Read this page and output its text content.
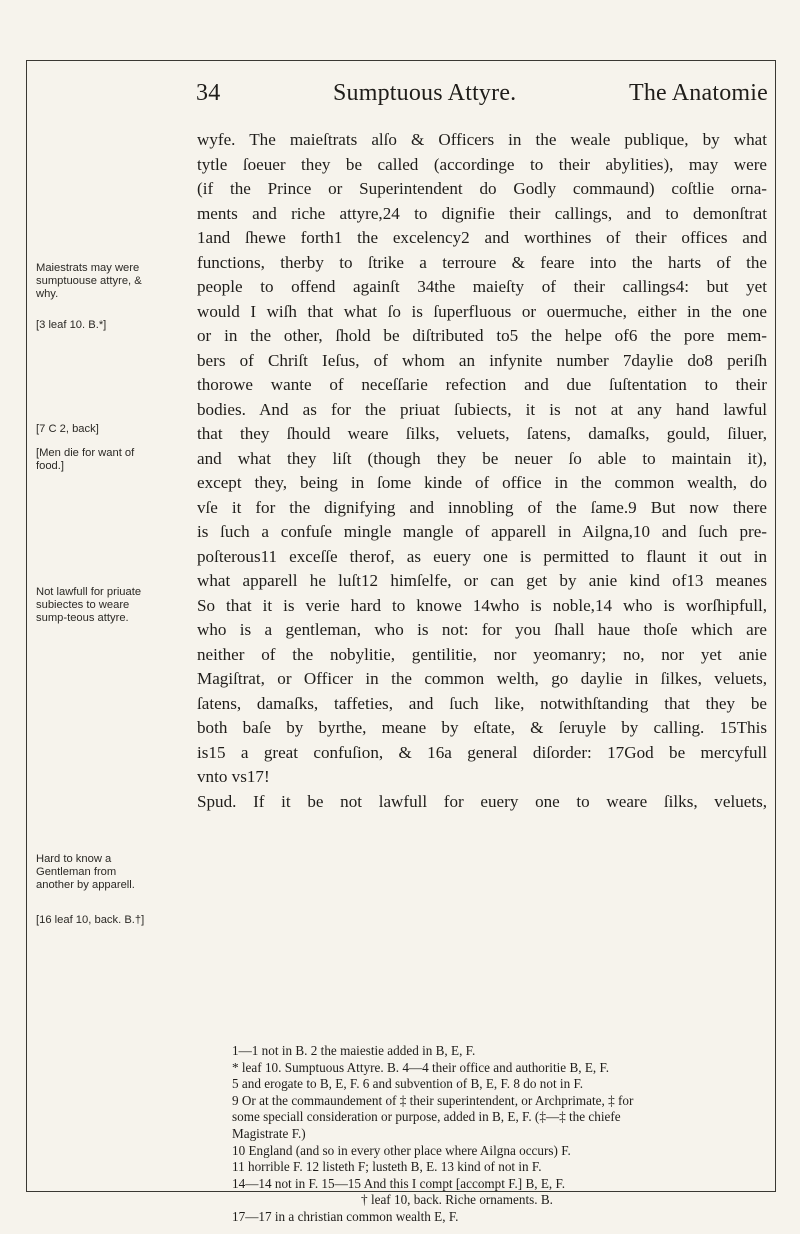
34	Sumptuous Attyre.	The Anatomie
Maiestrats may were sumptuouse attyre, & why.
[3 leaf 10. B.*]
[7 C 2, back]
[Men die for want of food.]
Not lawfull for priuate subiectes to weare sump-teous attyre.
Hard to know a Gentleman from another by apparell.
[16 leaf 10, back. B.†]
wyfe. The maieſtrats alſo & Officers in the weale publique, by what
tytle ſoeuer they be called (accordinge to their abylities), may were
(if the Prince or Superintendent do Godly commaund) coſtlie orna-
ments and riche attyre,24 to dignifie their callings, and to demonſtrat
1and ſhewe forth1 the excelency2 and worthines of their offices and
functions, therby to ſtrike a terroure & feare into the harts of the
people to offend againſt 34the maieſty of their callings4: but yet
would I wiſh that what ſo is ſuperfluous or ouermuche, either in the one
or in the other, ſhold be diſtributed to5 the helpe of6 the pore mem-
bers of Chriſt Ieſus, of whom an infynite number 7daylie do8 periſh
thorowe wante of neceſſarie refection and due ſuſtentation to their
bodies. And as for the priuat ſubiects, it is not at any hand lawful
that they ſhould weare ſilks, veluets, ſatens, damaſks, gould, ſiluer,
and what they liſt (though they be neuer ſo able to maintain it),
except they, being in ſome kinde of office in the common wealth, do
vſe it for the dignifying and innobling of the ſame.9 But now there
is ſuch a confuſe mingle mangle of apparell in Ailgna,10 and ſuch pre-
poſterous11 exceſſe therof, as euery one is permitted to flaunt it out in
what apparell he luſt12 himſelfe, or can get by anie kind of13 meanes
So that it is verie hard to knowe 14who is noble,14 who is worſhipfull,
who is a gentleman, who is not: for you ſhall haue thoſe which are
neither of the nobylitie, gentilitie, nor yeomanry; no, nor yet anie
Magiſtrat, or Officer in the common welth, go daylie in ſilkes, veluets,
ſatens, damaſks, taffeties, and ſuch like, notwithſtanding that they be
both baſe by byrthe, meane by eſtate, & ſeruyle by calling. 15This
is15 a great confuſion, & 16a general diſorder: 17God be mercyfull
vnto vs17!
Spud. If it be not lawfull for euery one to weare ſilks, veluets,
1—1 not in B. 2 the maiestie added in B, E, F.
* leaf 10. Sumptuous Attyre. B. 4—4 their office and authoritie B, E, F.
5 and erogate to B, E, F. 6 and subvention of B, E, F. 8 do not in F.
9 Or at the commaundement of ‡ their superintendent, or Archprimate, ‡ for
some speciall consideration or purpose, added in B, E, F. (‡—‡ the chiefe
Magistrate F.)
10 England (and so in every other place where Ailgna occurs) F.
11 horrible F. 12 listeth F; lusteth B, E. 13 kind of not in F.
14—14 not in F. 15—15 And this I compt [accompt F.] B, E, F.
† leaf 10, back. Riche ornaments. B.
17—17 in a christian common wealth E, F.
